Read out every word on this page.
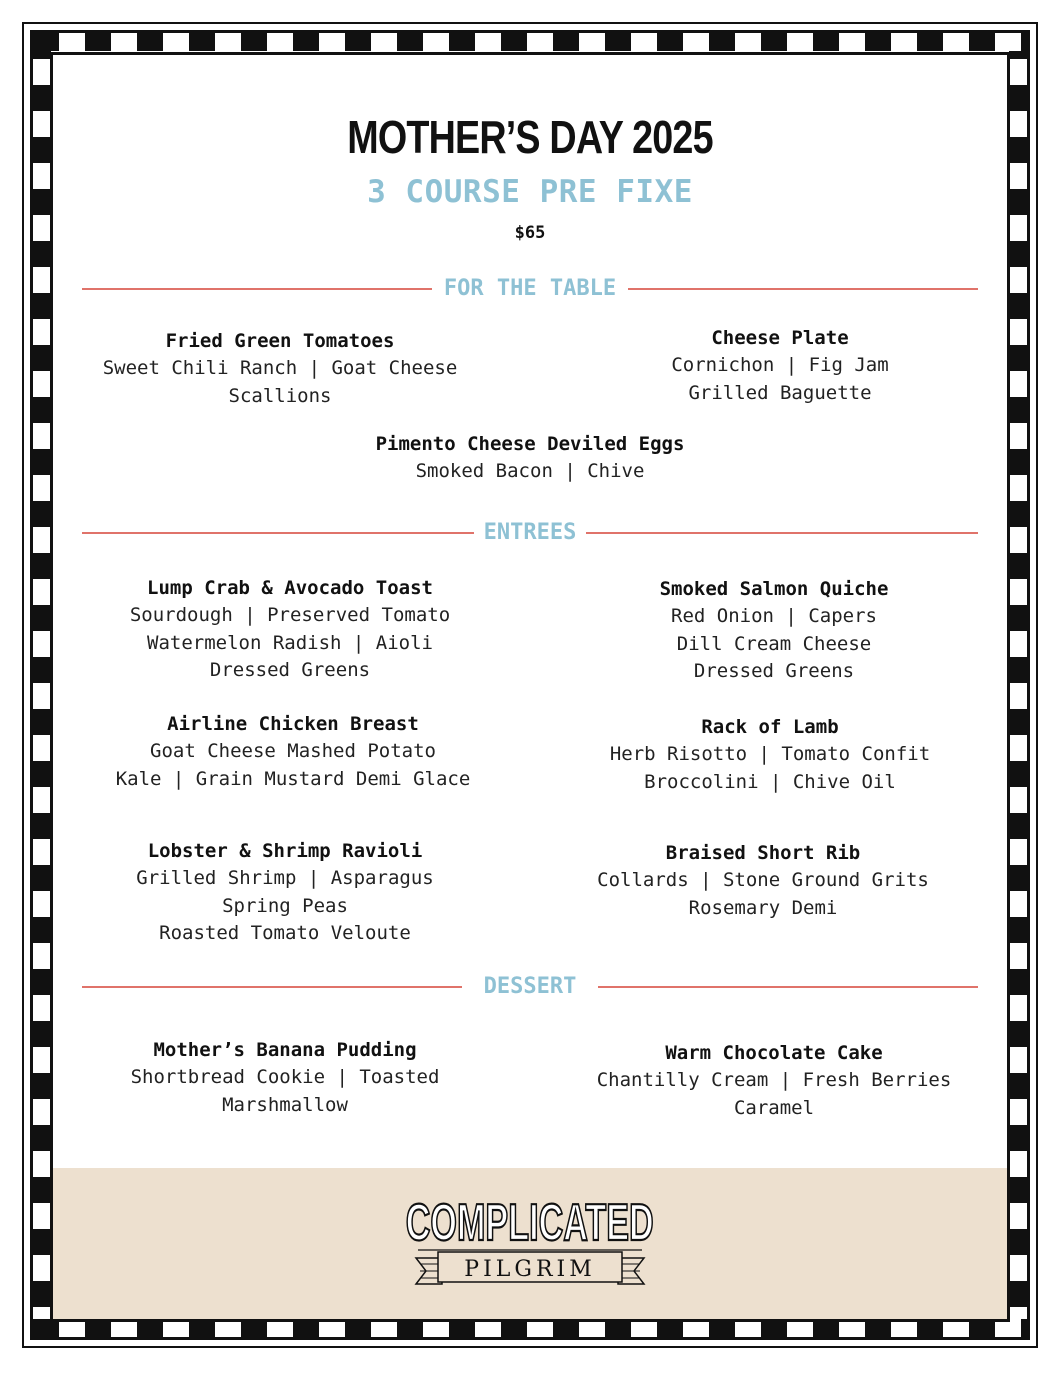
MOTHER’S DAY 2025
3 COURSE PRE FIXE
$65
FOR THE TABLE
Fried Green Tomatoes
Sweet Chili Ranch | Goat Cheese
Scallions
Cheese Plate
Cornichon | Fig Jam
Grilled Baguette
Pimento Cheese Deviled Eggs
Smoked Bacon | Chive
ENTREES
Lump Crab & Avocado Toast
Sourdough | Preserved Tomato
Watermelon Radish | Aioli
Dressed Greens
Smoked Salmon Quiche
Red Onion | Capers
Dill Cream Cheese
Dressed Greens
Airline Chicken Breast
Goat Cheese Mashed Potato
Kale | Grain Mustard Demi Glace
Rack of Lamb
Herb Risotto | Tomato Confit
Broccolini | Chive Oil
Lobster & Shrimp Ravioli
Grilled Shrimp | Asparagus
Spring Peas
Roasted Tomato Veloute
Braised Short Rib
Collards | Stone Ground Grits
Rosemary Demi
DESSERT
Mother’s Banana Pudding
Shortbread Cookie | Toasted
Marshmallow
Warm Chocolate Cake
Chantilly Cream | Fresh Berries
Caramel
COMPLICATED
PILGRIM
